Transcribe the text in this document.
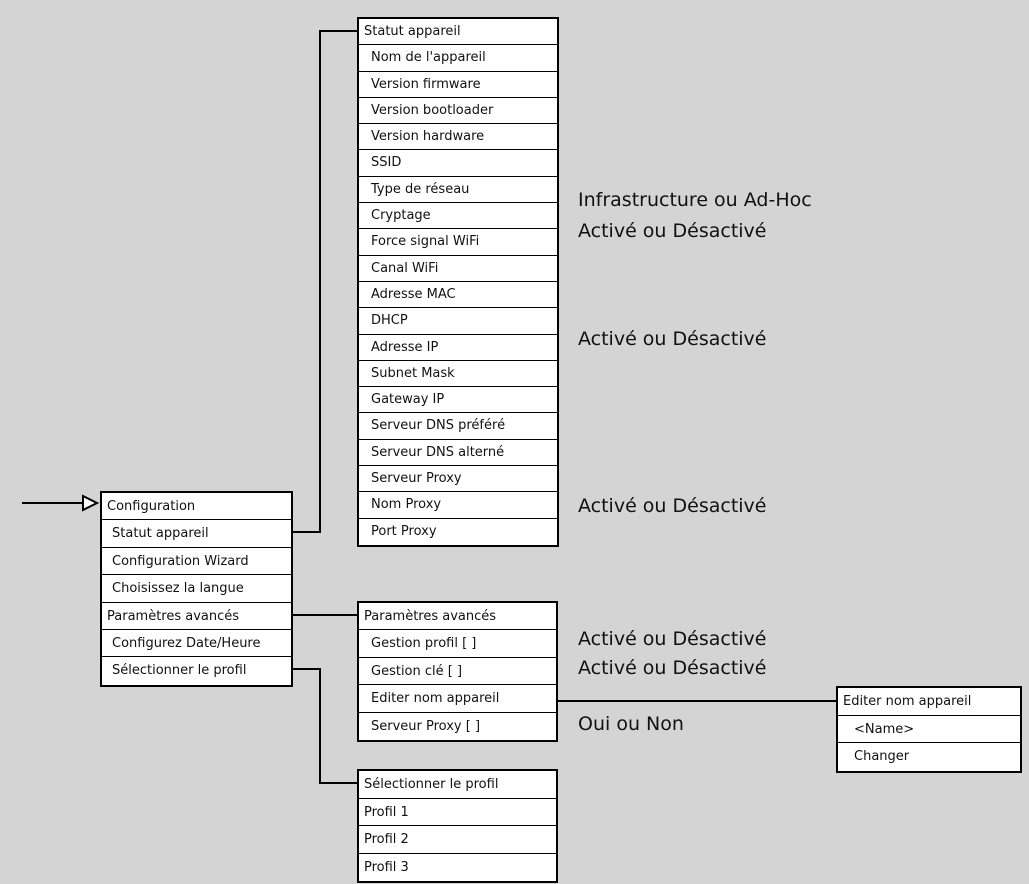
Configuration
Statut appareil
Configuration Wizard
Choisissez la langue
Paramètres avancés
Configurez Date/Heure
Sélectionner le profil
Statut appareil
Nom de l'appareil
Version firmware
Version bootloader
Version hardware
SSID
Type de réseau
Cryptage
Force signal WiFi
Canal WiFi
Adresse MAC
DHCP
Adresse IP
Subnet Mask
Gateway IP
Serveur DNS préféré
Serveur DNS alterné
Serveur Proxy
Nom Proxy
Port Proxy
Paramètres avancés
Gestion profil [ ]
Gestion clé [ ]
Editer nom appareil
Serveur Proxy [ ]
Sélectionner le profil
Profil 1
Profil 2
Profil 3
Editer nom appareil
<Name>
Changer
Infrastructure ou Ad-Hoc
Activé ou Désactivé
Activé ou Désactivé
Activé ou Désactivé
Activé ou Désactivé
Activé ou Désactivé
Oui ou Non
